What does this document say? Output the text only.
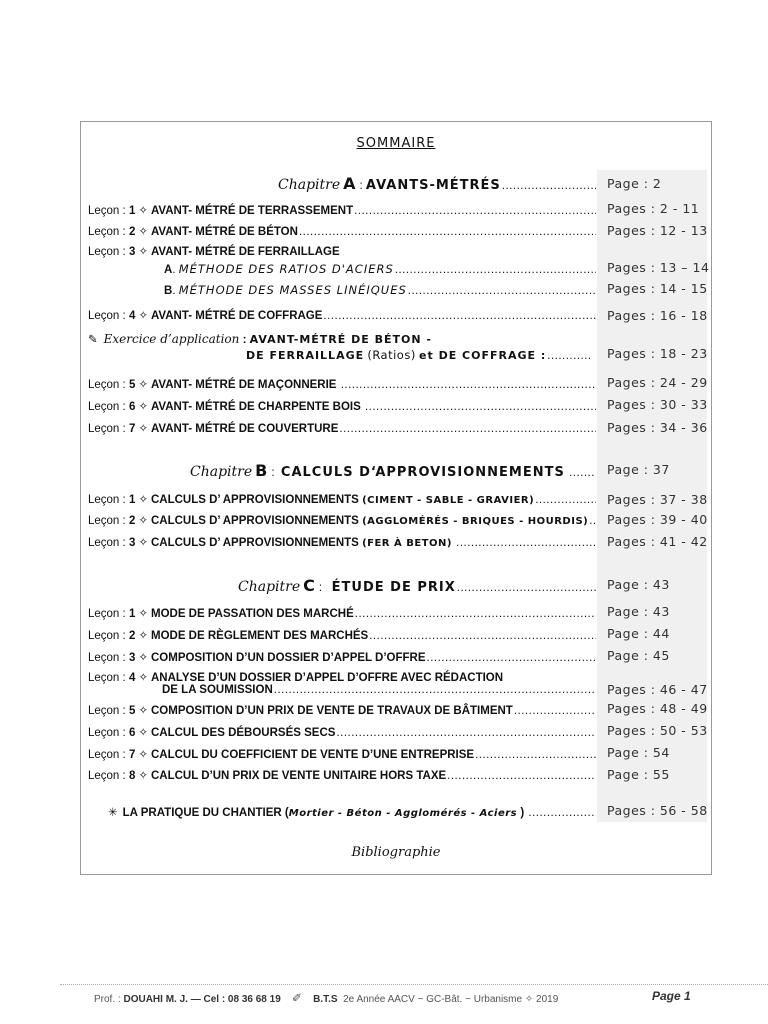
SOMMAIRE
Chapitre A :
AVANTS-MÉTRÉS .....	Page : 2
Leçon :
1 ✧ AVANT- MÉTRÉ DE TERRASSEMENT .....	Pages : 2 - 11
Leçon :
2 ✧ AVANT- MÉTRÉ DE BÉTON .....	Pages : 12 - 13
Leçon :
3 ✧ AVANT- MÉTRÉ DE FERRAILLAGE
A . MÉTHODE DES RATIOS D'ACIERS .....	Pages : 13 – 14
B . MÉTHODE DES MASSES LINÉIQUES .....	Pages : 14 - 15
Leçon :
4 ✧ AVANT- MÉTRÉ DE COFFRAGE .....	Pages : 16 - 18
✎ Exercice d’application
:
AVANT-MÉTRÉ DE BÉTON -
DE FERRAILLAGE
(Ratios)
et DE COFFRAGE : .....	Pages : 18 - 23
Leçon :
5 ✧ AVANT- MÉTRÉ DE MAÇONNERIE
.....	Pages : 24 - 29
Leçon :
6 ✧ AVANT- MÉTRÉ DE CHARPENTE BOIS
.....	Pages : 30 - 33
Leçon :
7 ✧ AVANT- MÉTRÉ DE COUVERTURE .....	Pages : 34 - 36
Chapitre B :
CALCULS D‘APPROVISIONNEMENTS
.....	Page : 37
Leçon :
1 ✧ CALCULS D’ APPROVISIONNEMENTS
(CIMENT - SABLE - GRAVIER) .....	Pages : 37 - 38
Leçon :
2 ✧ CALCULS D’ APPROVISIONNEMENTS
(AGGLOMÉRÉS - BRIQUES - HOURDIS) ..... Pages : 39 - 40
Leçon :
3 ✧ CALCULS D’ APPROVISIONNEMENTS
(FER À BETON)
.....	Pages : 41 - 42
Chapitre C :
ÉTUDE DE PRIX .....	Page : 43
Leçon :
1 ✧ MODE DE PASSATION DES MARCHÉ .....	Page : 43
Leçon :
2 ✧ MODE DE RÈGLEMENT DES MARCHÉS .....	Page : 44
Leçon :
3 ✧ COMPOSITION D’UN DOSSIER D’APPEL D’OFFRE .....	Page : 45
Leçon :
4 ✧ ANALYSE D’UN DOSSIER D’APPEL D’OFFRE AVEC RÉDACTION
DE LA SOUMISSION .....	Pages : 46 - 47
Leçon :
5 ✧ COMPOSITION D’UN PRIX DE VENTE DE TRAVAUX DE BÂTIMENT .....	Pages : 48 - 49
Leçon :
6 ✧ CALCUL DES DÉBOURSÉS SECS .....	Pages : 50 - 53
Leçon :
7 ✧ CALCUL DU COEFFICIENT DE VENTE D’UNE ENTREPRISE .....	Page : 54
Leçon :
8 ✧ CALCUL D’UN PRIX DE VENTE UNITAIRE HORS TAXE .....	Page : 55
✳ LA PRATIQUE DU CHANTIER ( Mortier - Béton - Agglomérés - Aciers
)
.....	Pages : 56 - 58
Bibliographie
Prof. : DOUAHI M. J. — Cel : 08 36 68 19 ✐ B.T.S 2e Année AACV ~ GC-Bât. ~ Urbanisme ✧ 2019	Page 1
